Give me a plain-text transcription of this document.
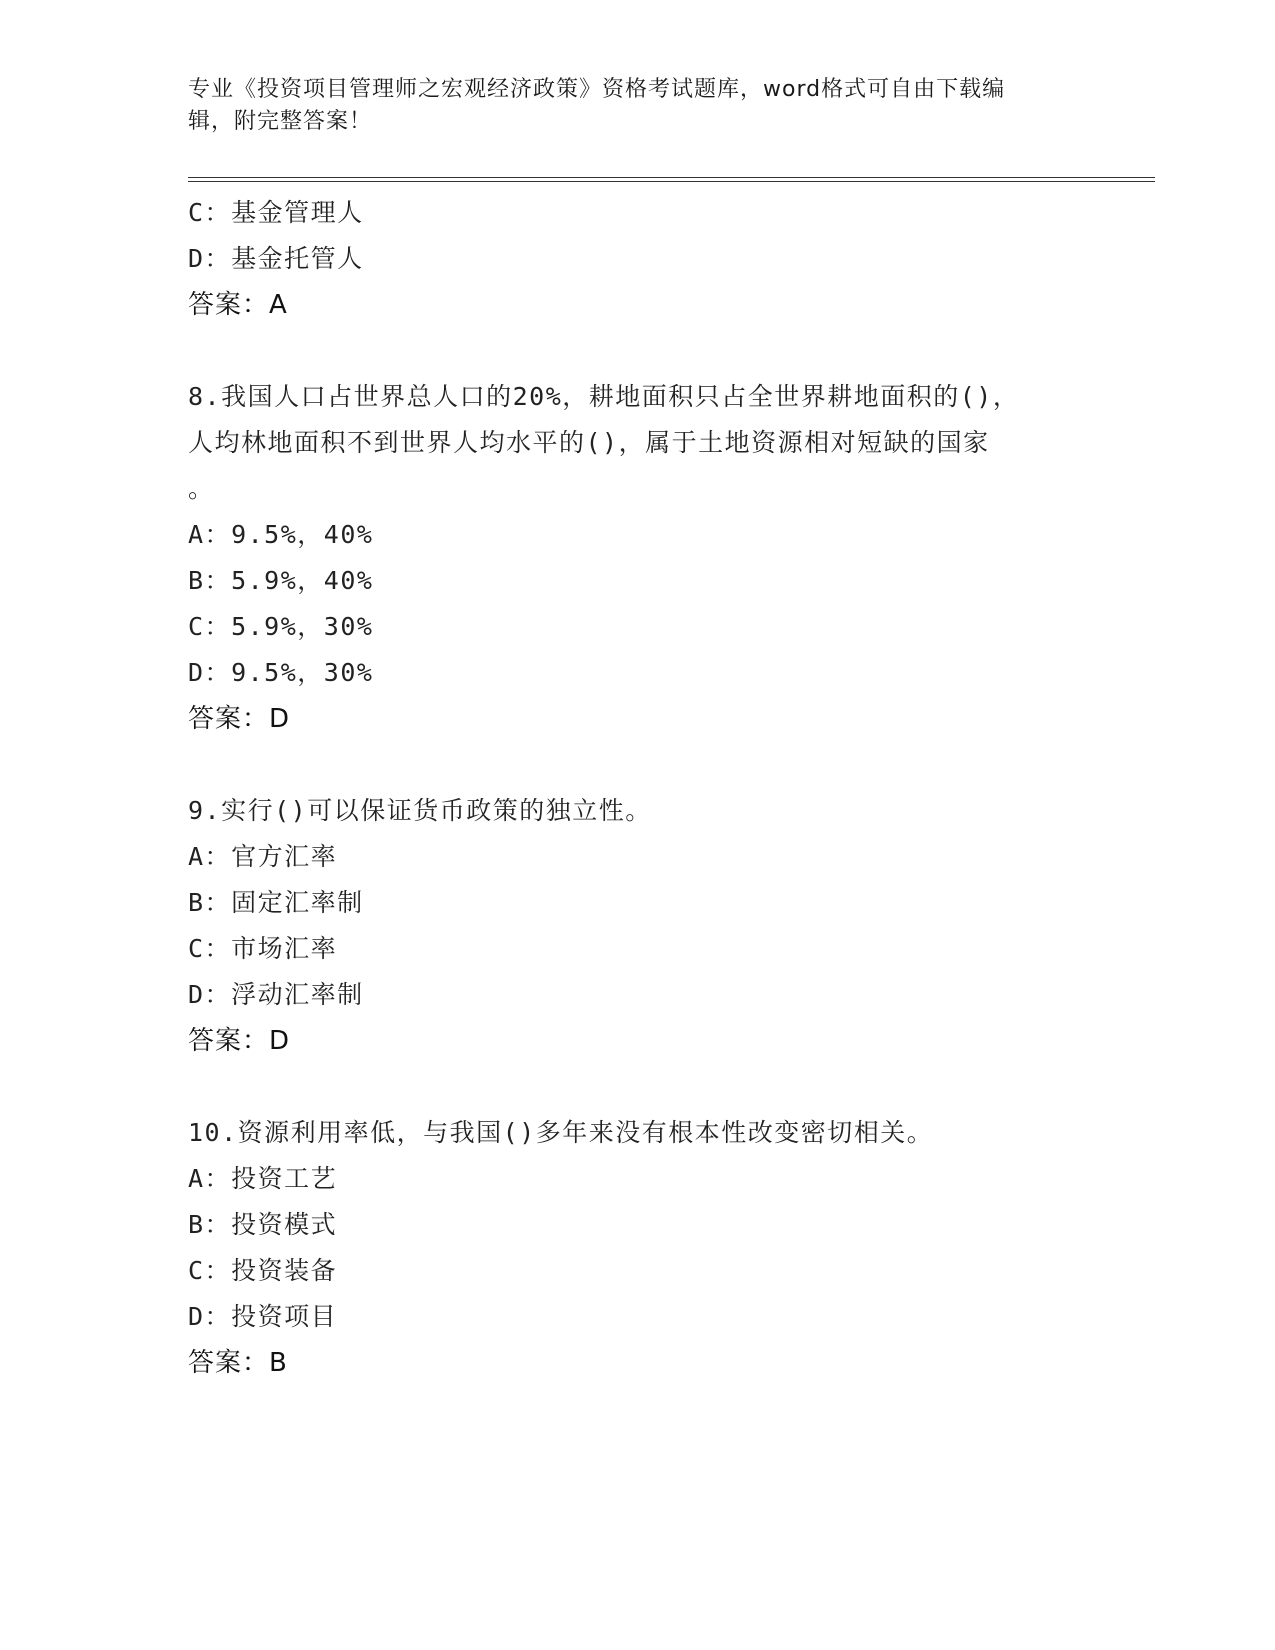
专业《投资项目管理师之宏观经济政策》资格考试题库，word格式可自由下载编
辑，附完整答案！
C：基金管理人
D：基金托管人
答案：A
8.我国人口占世界总人口的20%，耕地面积只占全世界耕地面积的()，
人均林地面积不到世界人均水平的()，属于土地资源相对短缺的国家
。
A：9.5%，40%
B：5.9%，40%
C：5.9%，30%
D：9.5%，30%
答案：D
9.实行()可以保证货币政策的独立性。
A：官方汇率
B：固定汇率制
C：市场汇率
D：浮动汇率制
答案：D
10.资源利用率低，与我国()多年来没有根本性改变密切相关。
A：投资工艺
B：投资模式
C：投资装备
D：投资项目
答案：B
